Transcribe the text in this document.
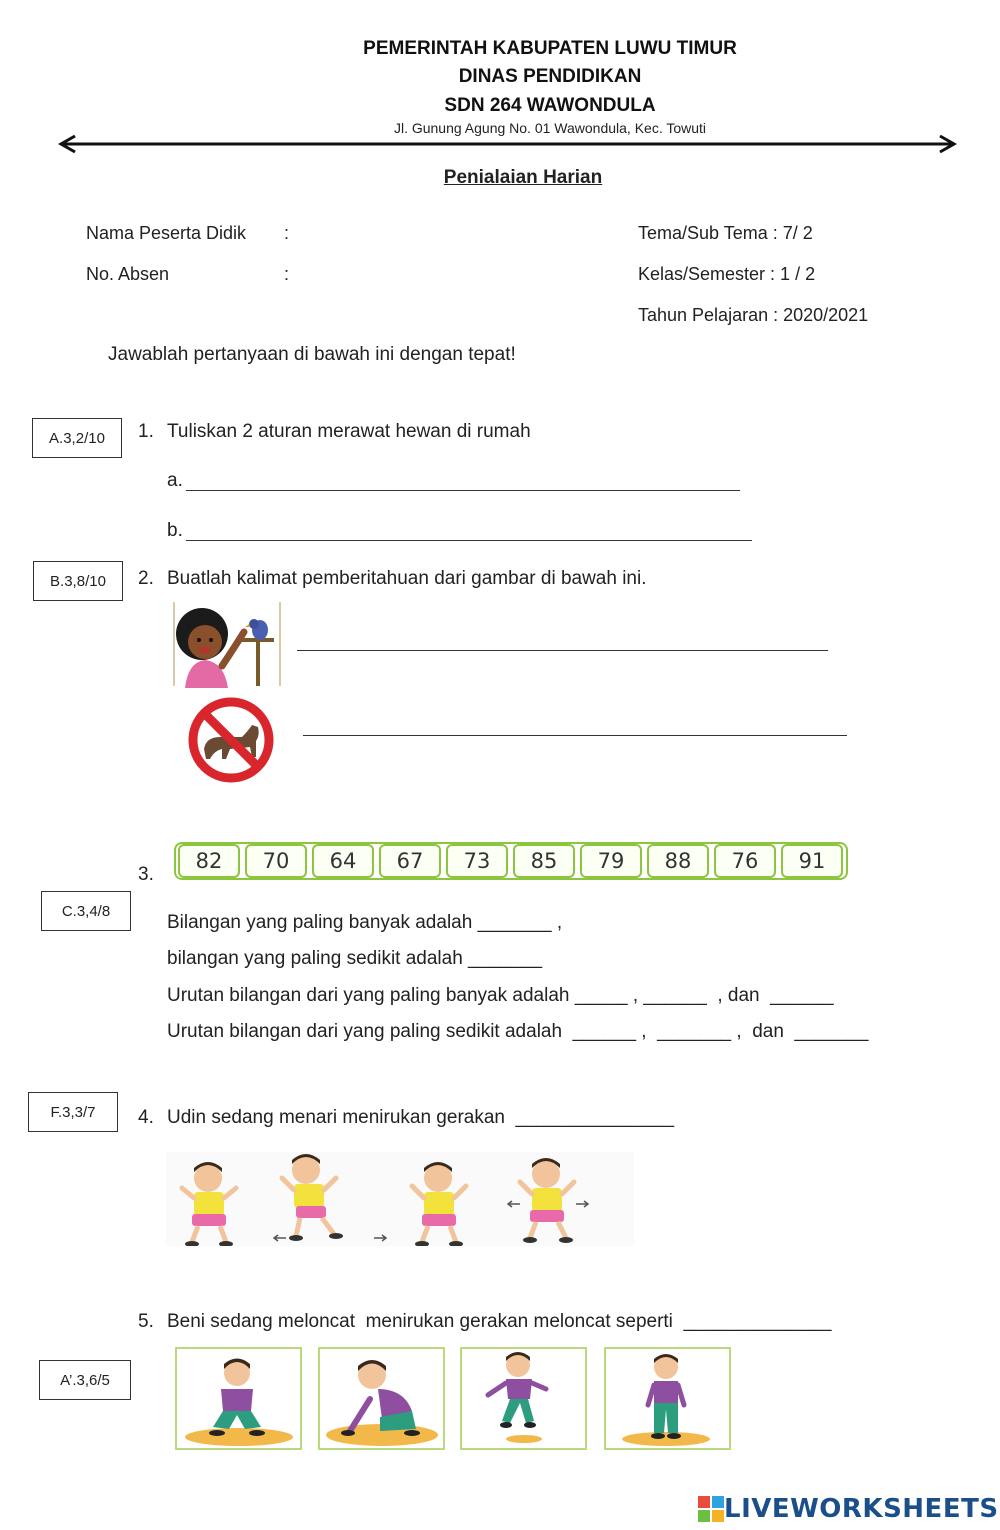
PEMERINTAH KABUPATEN LUWU TIMUR
DINAS PENDIDIKAN
SDN 264 WAWONDULA
Jl. Gunung Agung No. 01 Wawondula, Kec. Towuti
Penialaian Harian
Nama Peserta Didik :
No. Absen	:
Tema/Sub Tema : 7/ 2
Kelas/Semester : 1 / 2
Tahun Pelajaran : 2020/2021
Jawablah pertanyaan di bawah ini dengan tepat!
A.3,2/10	1. Tuliskan 2 aturan merawat hewan di rumah
a.
b.
B.3,8/10	2. Buatlah kalimat pemberitahuan dari gambar di bawah ini.
3.
82	70	64	67	73	85	79	88	76	91
C.3,4/8
Bilangan yang paling banyak adalah _______ ,
bilangan yang paling sedikit adalah _______
Urutan bilangan dari yang paling banyak adalah _____ , ______  , dan  ______
Urutan bilangan dari yang paling sedikit adalah  ______ ,  _______ ,  dan  _______
F.3,3/7	4. Udin sedang menari menirukan gerakan  _______________
5. Beni sedang meloncat  menirukan gerakan meloncat seperti  ______________
A’.3,6/5
LIVEWORKSHEETS
